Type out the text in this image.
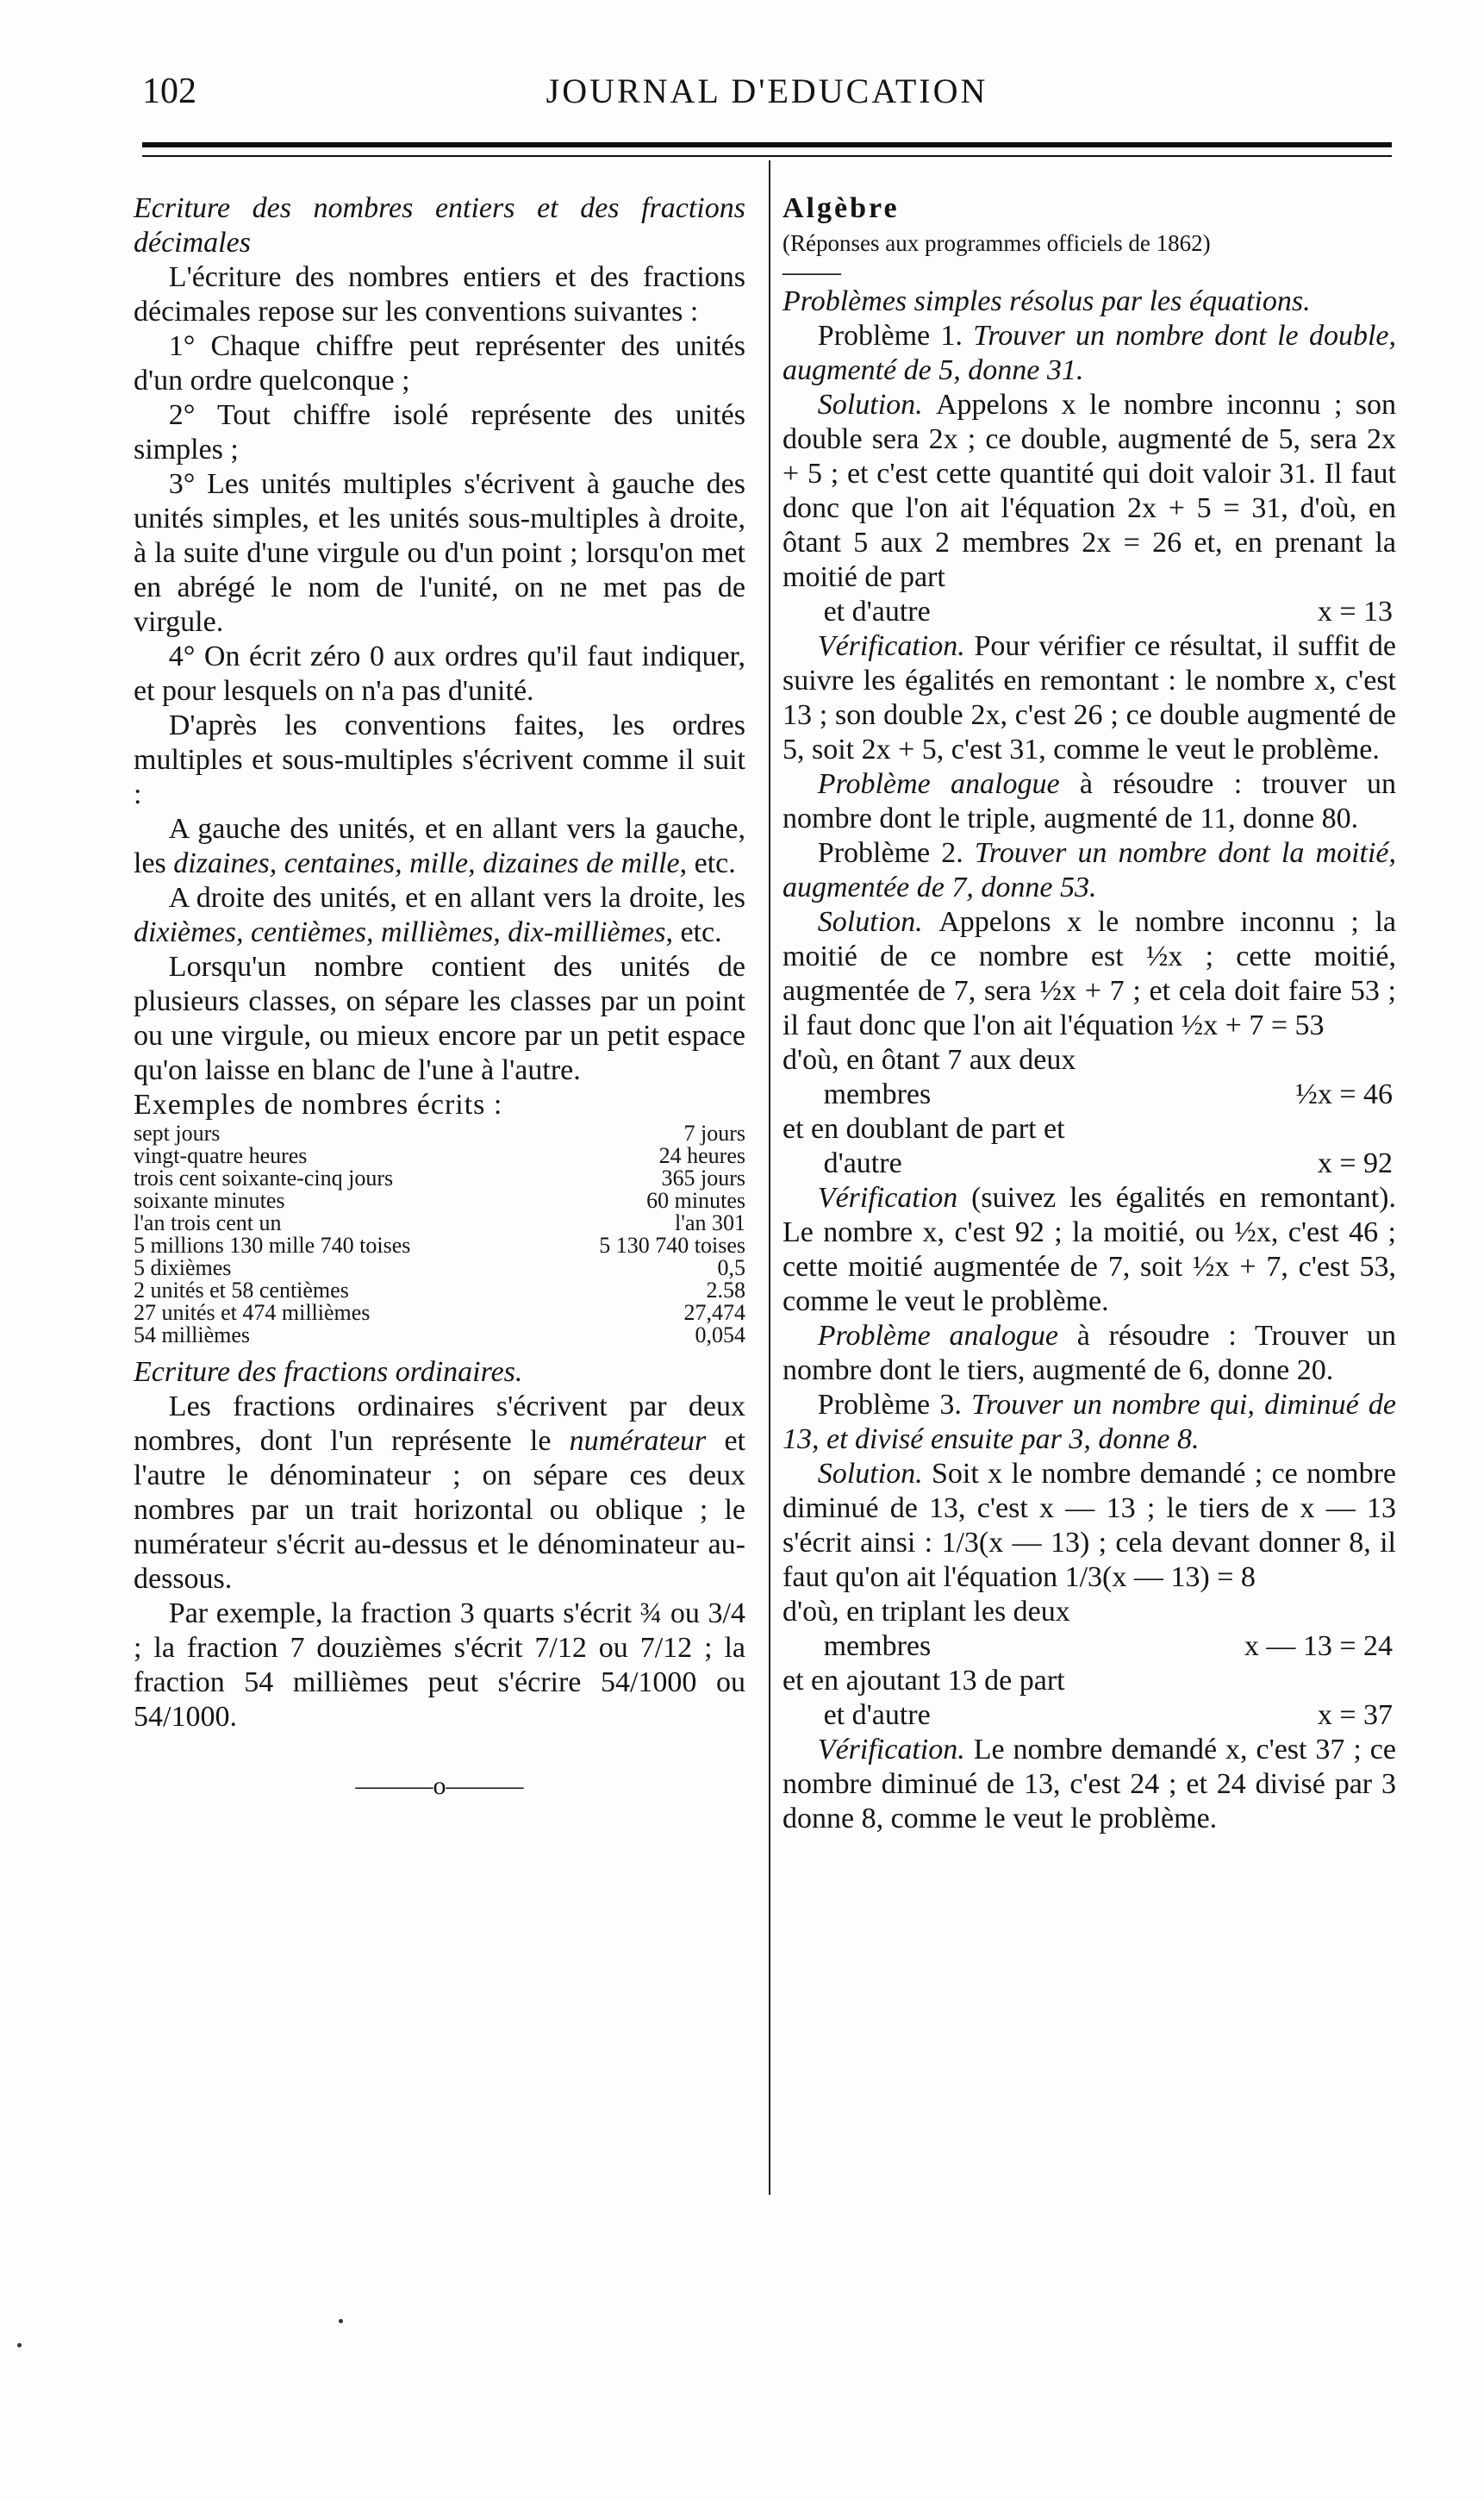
102	JOURNAL D'EDUCATION

Ecriture des nombres entiers et des fractions décimales

L'écriture des nombres entiers et des fractions décimales repose sur les conventions suivantes :

1° Chaque chiffre peut représenter des unités d'un ordre quelconque ;

2° Tout chiffre isolé représente des unités simples ;

3° Les unités multiples s'écrivent à gauche des unités simples, et les unités sous-multiples à droite, à la suite d'une virgule ou d'un point ; lorsqu'on met en abrégé le nom de l'unité, on ne met pas de virgule.

4° On écrit zéro 0 aux ordres qu'il faut indiquer, et pour lesquels on n'a pas d'unité.

D'après les conventions faites, les ordres multiples et sous-multiples s'écrivent comme il suit :

A gauche des unités, et en allant vers la gauche, les dizaines, centaines, mille, dizaines de mille, etc.

A droite des unités, et en allant vers la droite, les dixièmes, centièmes, millièmes, dix-millièmes, etc.

Lorsqu'un nombre contient des unités de plusieurs classes, on sépare les classes par un point ou une virgule, ou mieux encore par un petit espace qu'on laisse en blanc de l'une à l'autre.

Exemples de nombres écrits :

sept jours	7 jours
vingt-quatre heures	24 heures
trois cent soixante-cinq jours	365 jours
soixante minutes	60 minutes
l'an trois cent un	l'an 301
5 millions 130 mille 740 toises	5 130 740 toises
5 dixièmes	0,5
2 unités et 58 centièmes	2.58
27 unités et 474 millièmes	27,474
54 millièmes	0,054

Ecriture des fractions ordinaires.

Les fractions ordinaires s'écrivent par deux nombres, dont l'un représente le numérateur et l'autre le dénominateur ; on sépare ces deux nombres par un trait horizontal ou oblique ; le numérateur s'écrit au-dessus et le dénominateur au-dessous.

Par exemple, la fraction 3 quarts s'écrit ¾ ou 3/4 ; la fraction 7 douzièmes s'écrit 7/12 ou 7/12 ; la fraction 54 millièmes peut s'écrire 54/1000 ou 54/1000.

———o———

Algèbre

(Réponses aux programmes officiels de 1862)

——

Problèmes simples résolus par les équations.

Problème 1. Trouver un nombre dont le double, augmenté de 5, donne 31.

Solution. Appelons x le nombre inconnu ; son double sera 2x ; ce double, augmenté de 5, sera 2x + 5 ; et c'est cette quantité qui doit valoir 31. Il faut donc que l'on ait l'équation 2x + 5 = 31, d'où, en ôtant 5 aux 2 membres 2x = 26 et, en prenant la moitié de part

et d'autre	x = 13

Vérification. Pour vérifier ce résultat, il suffit de suivre les égalités en remontant : le nombre x, c'est 13 ; son double 2x, c'est 26 ; ce double augmenté de 5, soit 2x + 5, c'est 31, comme le veut le problème.

Problème analogue à résoudre : trouver un nombre dont le triple, augmenté de 11, donne 80.

Problème 2. Trouver un nombre dont la moitié, augmentée de 7, donne 53.

Solution. Appelons x le nombre inconnu ; la moitié de ce nombre est ½x ; cette moitié, augmentée de 7, sera ½x + 7 ; et cela doit faire 53 ; il faut donc que l'on ait l'équation ½x + 7 = 53

d'où, en ôtant 7 aux deux

membres	½x = 46

et en doublant de part et

d'autre	x = 92

Vérification (suivez les égalités en remontant). Le nombre x, c'est 92 ; la moitié, ou ½x, c'est 46 ; cette moitié augmentée de 7, soit ½x + 7, c'est 53, comme le veut le problème.

Problème analogue à résoudre : Trouver un nombre dont le tiers, augmenté de 6, donne 20.

Problème 3. Trouver un nombre qui, diminué de 13, et divisé ensuite par 3, donne 8.

Solution. Soit x le nombre demandé ; ce nombre diminué de 13, c'est x — 13 ; le tiers de x — 13 s'écrit ainsi : 1/3(x — 13) ; cela devant donner 8, il faut qu'on ait l'équation 1/3(x — 13) = 8

d'où, en triplant les deux

membres	x — 13 = 24

et en ajoutant 13 de part

et d'autre	x = 37

Vérification. Le nombre demandé x, c'est 37 ; ce nombre diminué de 13, c'est 24 ; et 24 divisé par 3 donne 8, comme le veut le problème.
